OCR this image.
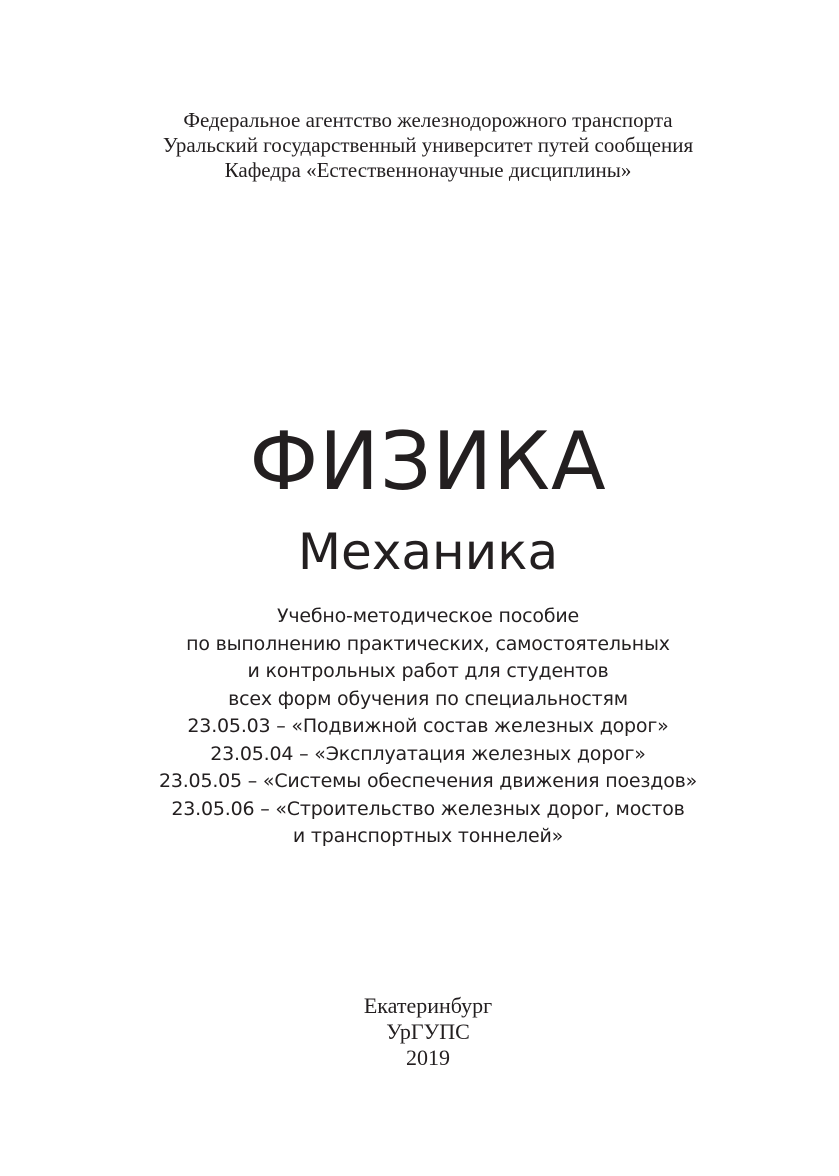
Федеральное агентство железнодорожного транспорта
Уральский государственный университет путей сообщения
Кафедра «Естественнонаучные дисциплины»
ФИЗИКА
Механика
Учебно-методическое пособие
по выполнению практических, самостоятельных
и контрольных работ для студентов
всех форм обучения по специальностям
23.05.03 – «Подвижной состав железных дорог»
23.05.04 – «Эксплуатация железных дорог»
23.05.05 – «Системы обеспечения движения поездов»
23.05.06 – «Строительство железных дорог, мостов
и транспортных тоннелей»
Екатеринбург
УрГУПС
2019
